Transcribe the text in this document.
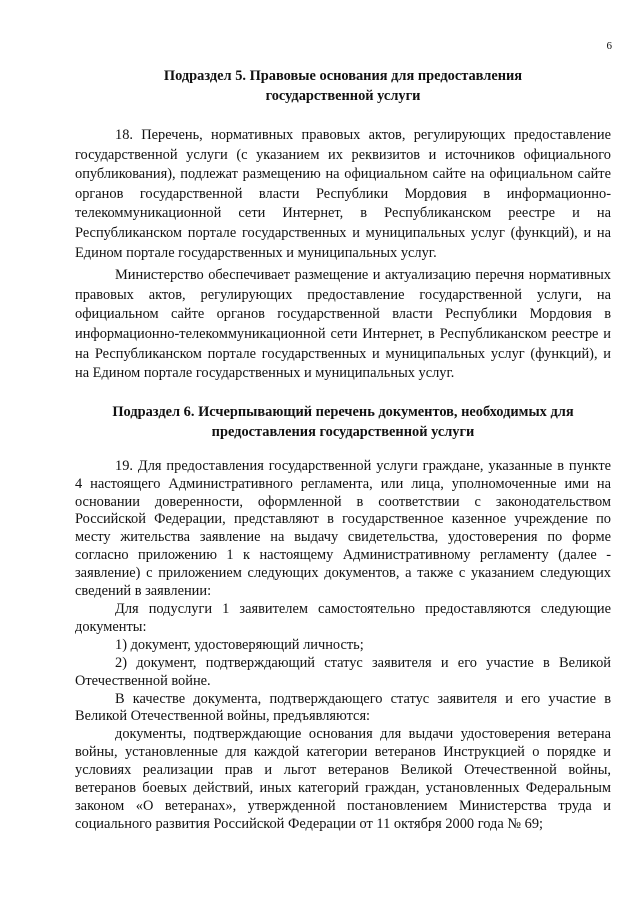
6
Подраздел 5. Правовые основания для предоставления
государственной услуги

18. Перечень, нормативных правовых актов, регулирующих предоставление государственной услуги (с указанием их реквизитов и источников официального опубликования), подлежат размещению на официальном сайте на официальном сайте органов государственной власти Республики Мордовия в информационно-телекоммуникационной сети Интернет, в Республиканском реестре и на Республиканском портале государственных и муниципальных услуг (функций), и на Едином портале государственных и муниципальных услуг.

Министерство обеспечивает размещение и актуализацию перечня нормативных правовых актов, регулирующих предоставление государственной услуги, на официальном сайте органов государственной власти Республики Мордовия в информационно-телекоммуникационной сети Интернет, в Республиканском реестре и на Республиканском портале государственных и муниципальных услуг (функций), и на Едином портале государственных и муниципальных услуг.

Подраздел 6. Исчерпывающий перечень документов, необходимых для
предоставления государственной услуги

19. Для предоставления государственной услуги граждане, указанные в пункте 4 настоящего Административного регламента, или лица, уполномоченные ими на основании доверенности, оформленной в соответствии с законодательством Российской Федерации, представляют в государственное казенное учреждение по месту жительства заявление на выдачу свидетельства, удостоверения по форме согласно приложению 1 к настоящему Административному регламенту (далее - заявление) с приложением следующих документов, а также с указанием следующих сведений в заявлении:

Для подуслуги 1 заявителем самостоятельно предоставляются следующие документы:

1) документ, удостоверяющий личность;

2) документ, подтверждающий статус заявителя и его участие в Великой Отечественной войне.

В качестве документа, подтверждающего статус заявителя и его участие в Великой Отечественной войны, предъявляются:

документы, подтверждающие основания для выдачи удостоверения ветерана войны, установленные для каждой категории ветеранов Инструкцией о порядке и условиях реализации прав и льгот ветеранов Великой Отечественной войны, ветеранов боевых действий, иных категорий граждан, установленных Федеральным законом «О ветеранах», утвержденной постановлением Министерства труда и социального развития Российской Федерации от 11 октября 2000 года № 69;
